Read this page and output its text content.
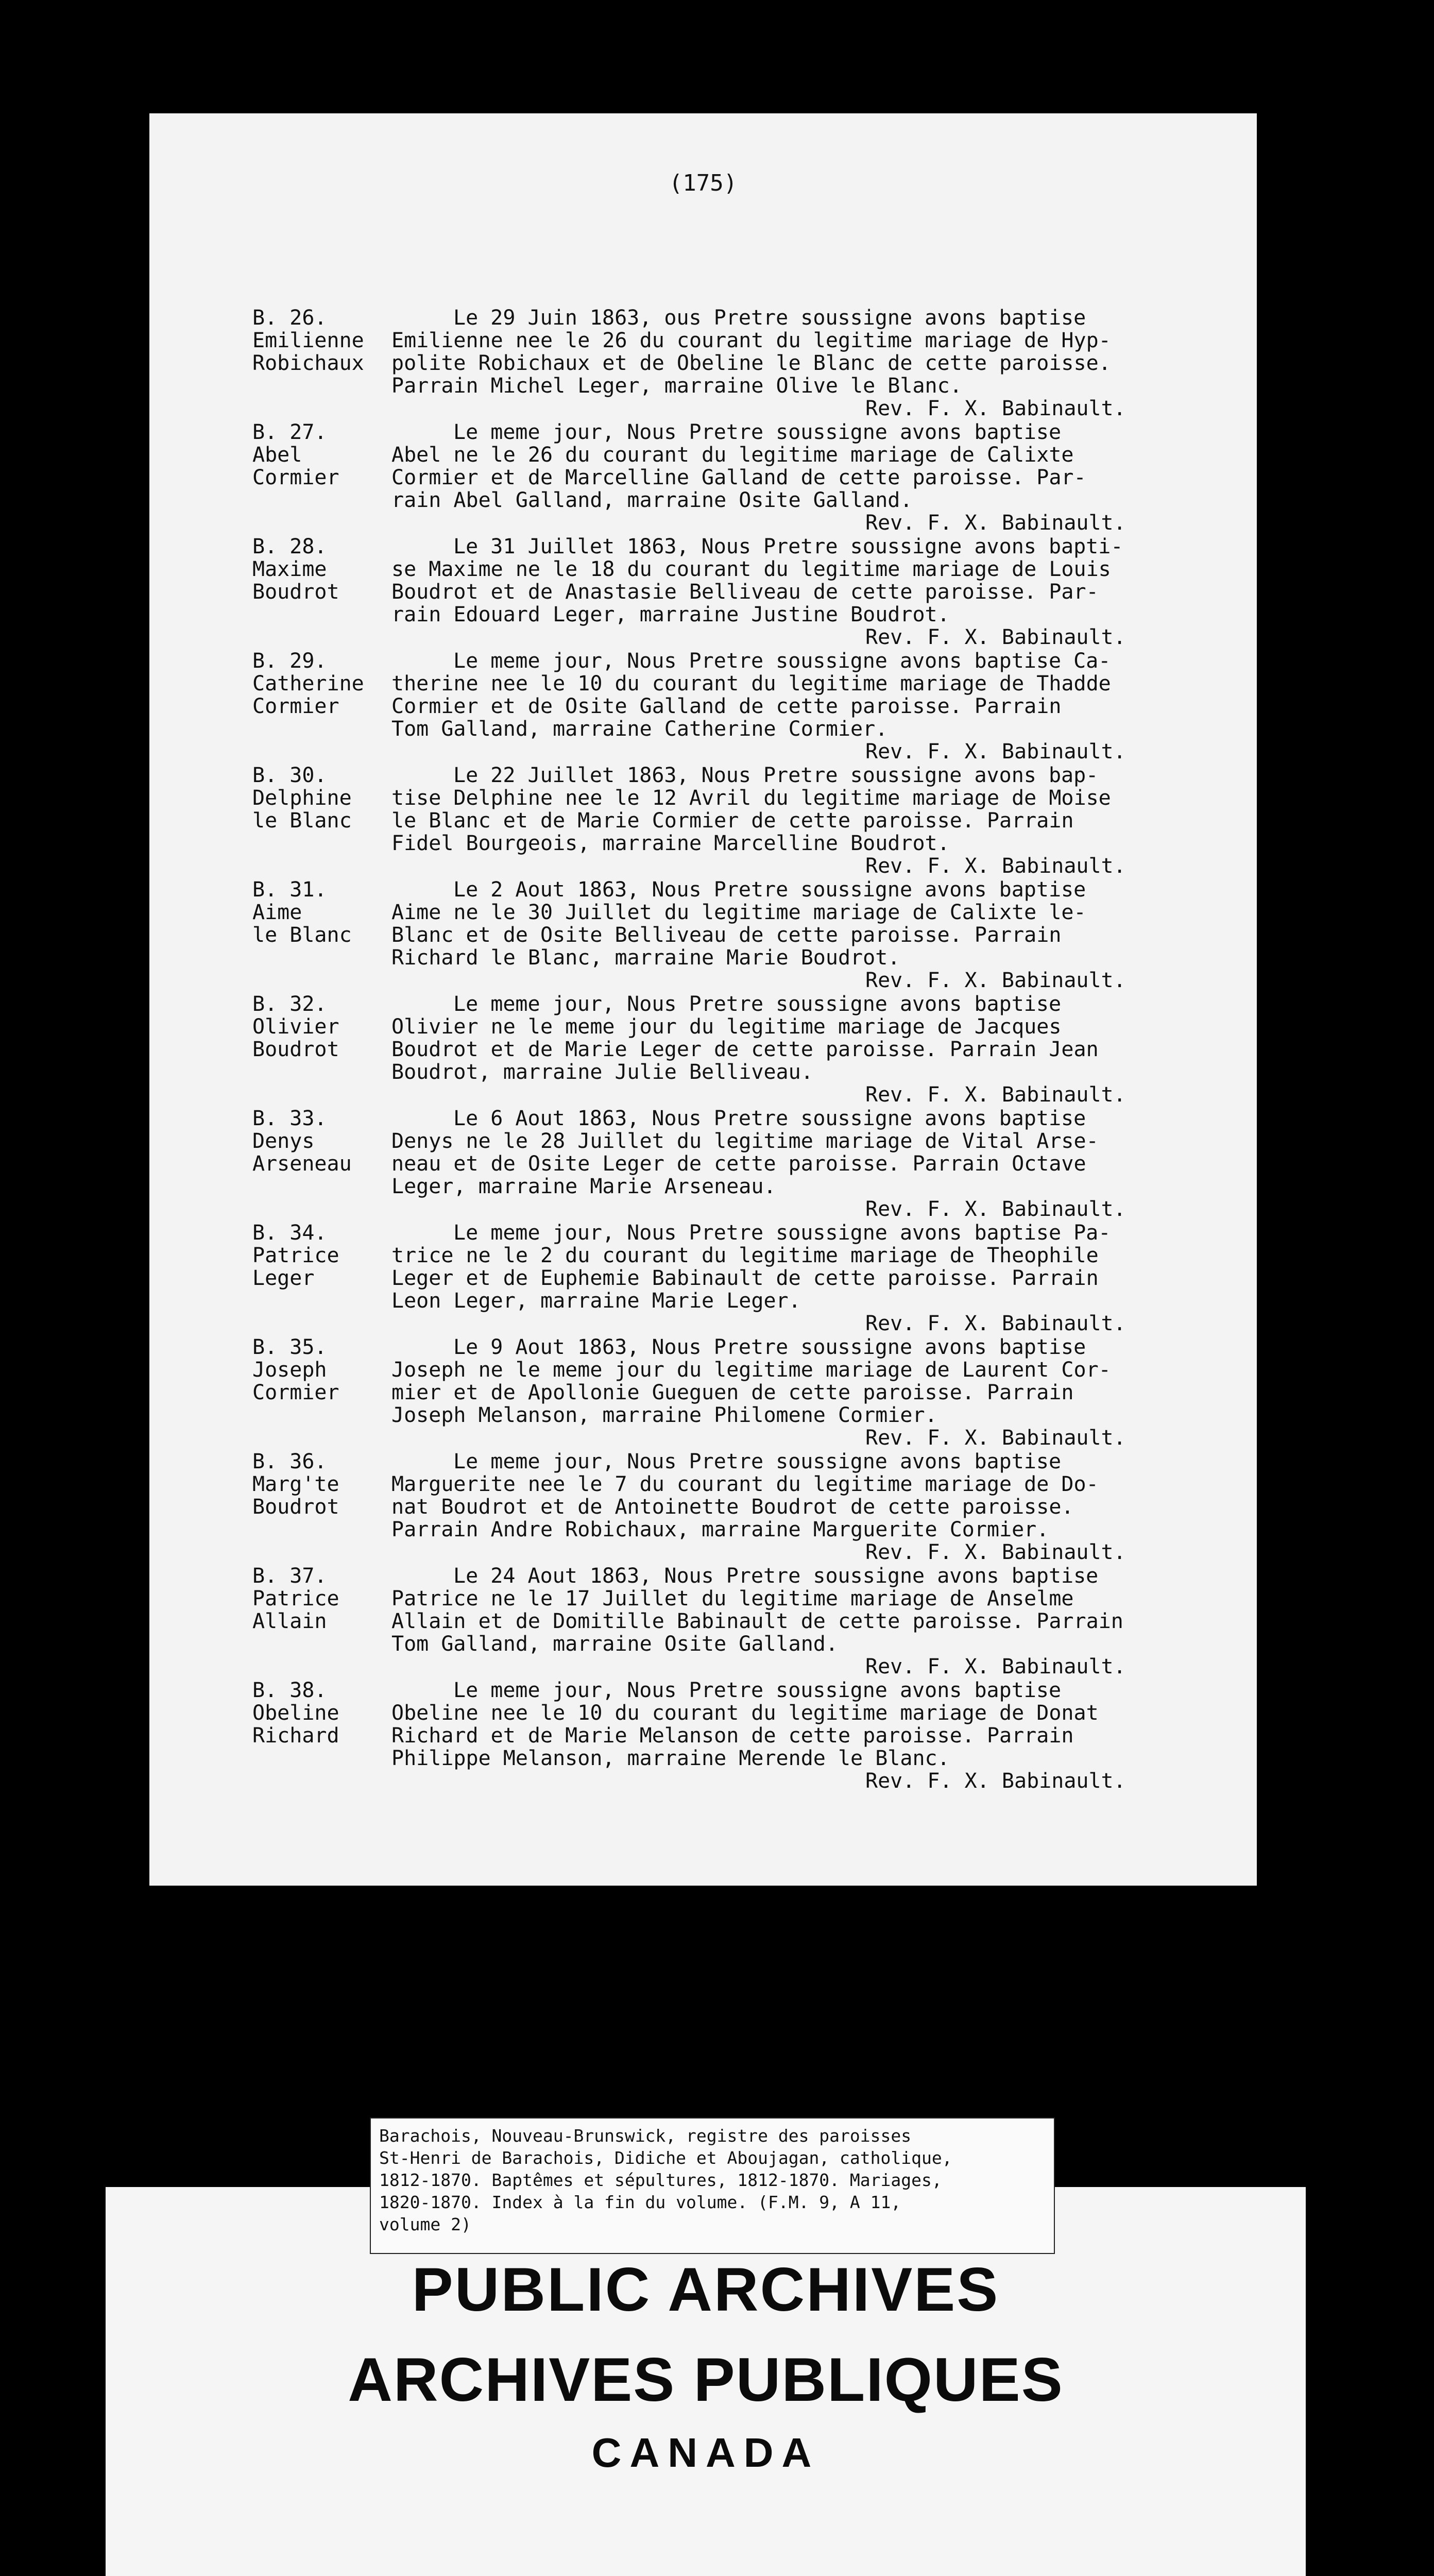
(175)
B. 26.
Emilienne
Robichaux
Le 29 Juin 1863, ous Pretre soussigne avons baptise
Emilienne nee le 26 du courant du legitime mariage de Hyp-
polite Robichaux et de Obeline le Blanc de cette paroisse.
Parrain Michel Leger, marraine Olive le Blanc.
Rev. F. X. Babinault.
B. 27.
Abel
Cormier
Le meme jour, Nous Pretre soussigne avons baptise
Abel ne le 26 du courant du legitime mariage de Calixte
Cormier et de Marcelline Galland de cette paroisse. Par-
rain Abel Galland, marraine Osite Galland.
Rev. F. X. Babinault.
B. 28.
Maxime
Boudrot
Le 31 Juillet 1863, Nous Pretre soussigne avons bapti-
se Maxime ne le 18 du courant du legitime mariage de Louis
Boudrot et de Anastasie Belliveau de cette paroisse. Par-
rain Edouard Leger, marraine Justine Boudrot.
Rev. F. X. Babinault.
B. 29.
Catherine
Cormier
Le meme jour, Nous Pretre soussigne avons baptise Ca-
therine nee le 10 du courant du legitime mariage de Thadde
Cormier et de Osite Galland de cette paroisse. Parrain
Tom Galland, marraine Catherine Cormier.
Rev. F. X. Babinault.
B. 30.
Delphine
le Blanc
Le 22 Juillet 1863, Nous Pretre soussigne avons bap-
tise Delphine nee le 12 Avril du legitime mariage de Moise
le Blanc et de Marie Cormier de cette paroisse. Parrain
Fidel Bourgeois, marraine Marcelline Boudrot.
Rev. F. X. Babinault.
B. 31.
Aime
le Blanc
Le 2 Aout 1863, Nous Pretre soussigne avons baptise
Aime ne le 30 Juillet du legitime mariage de Calixte le-
Blanc et de Osite Belliveau de cette paroisse. Parrain
Richard le Blanc, marraine Marie Boudrot.
Rev. F. X. Babinault.
B. 32.
Olivier
Boudrot
Le meme jour, Nous Pretre soussigne avons baptise
Olivier ne le meme jour du legitime mariage de Jacques
Boudrot et de Marie Leger de cette paroisse. Parrain Jean
Boudrot, marraine Julie Belliveau.
Rev. F. X. Babinault.
B. 33.
Denys
Arseneau
Le 6 Aout 1863, Nous Pretre soussigne avons baptise
Denys ne le 28 Juillet du legitime mariage de Vital Arse-
neau et de Osite Leger de cette paroisse. Parrain Octave
Leger, marraine Marie Arseneau.
Rev. F. X. Babinault.
B. 34.
Patrice
Leger
Le meme jour, Nous Pretre soussigne avons baptise Pa-
trice ne le 2 du courant du legitime mariage de Theophile
Leger et de Euphemie Babinault de cette paroisse. Parrain
Leon Leger, marraine Marie Leger.
Rev. F. X. Babinault.
B. 35.
Joseph
Cormier
Le 9 Aout 1863, Nous Pretre soussigne avons baptise
Joseph ne le meme jour du legitime mariage de Laurent Cor-
mier et de Apollonie Gueguen de cette paroisse. Parrain
Joseph Melanson, marraine Philomene Cormier.
Rev. F. X. Babinault.
B. 36.
Marg'te
Boudrot
Le meme jour, Nous Pretre soussigne avons baptise
Marguerite nee le 7 du courant du legitime mariage de Do-
nat Boudrot et de Antoinette Boudrot de cette paroisse.
Parrain Andre Robichaux, marraine Marguerite Cormier.
Rev. F. X. Babinault.
B. 37.
Patrice
Allain
Le 24 Aout 1863, Nous Pretre soussigne avons baptise
Patrice ne le 17 Juillet du legitime mariage de Anselme
Allain et de Domitille Babinault de cette paroisse. Parrain
Tom Galland, marraine Osite Galland.
Rev. F. X. Babinault.
B. 38.
Obeline
Richard
Le meme jour, Nous Pretre soussigne avons baptise
Obeline nee le 10 du courant du legitime mariage de Donat
Richard et de Marie Melanson de cette paroisse. Parrain
Philippe Melanson, marraine Merende le Blanc.
Rev. F. X. Babinault.
PUBLIC ARCHIVES
ARCHIVES PUBLIQUES
CANADA
Barachois, Nouveau-Brunswick, registre des paroisses
St-Henri de Barachois, Didiche et Aboujagan, catholique,
1812-1870. Baptêmes et sépultures, 1812-1870. Mariages,
1820-1870. Index à la fin du volume. (F.M. 9, A 11,
volume 2)
